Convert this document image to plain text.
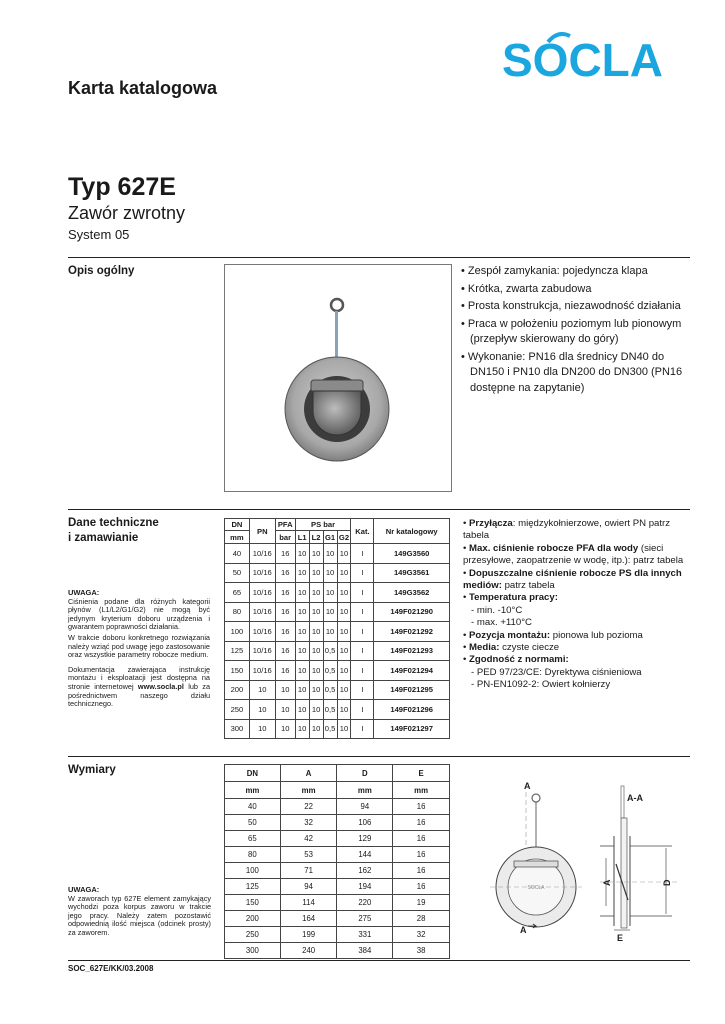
SOCLA
Karta katalogowa
Typ 627E
Zawór zwrotny
System 05
Opis ogólny	• Zespół zamykania: pojedyncza klapa
• Krótka, zwarta zabudowa
• Prosta konstrukcja, niezawodność działania
• Praca w położeniu poziomym lub pionowym (przepływ skierowany do góry)
• Wykonanie: PN16 dla średnicy DN40 do DN150 i PN10 dla DN200 do DN300 (PN16 dostępne na zapytanie)
Dane techniczne
i zamawianie
UWAGA:
Ciśnienia podane dla różnych kategorii płynów (L1/L2/G1/G2) nie mogą być jedynym kryterium doboru urządzenia i gwarantem poprawności działania.
W trakcie doboru konkretnego rozwiązania należy wziąć pod uwagę jego zastosowanie oraz wszystkie parametry robocze medium.
Dokumentacja zawierająca instrukcję montażu i eksploatacji jest dostępna na stronie internetowej www.socla.pl lub za pośrednictwem naszego działu technicznego.
DN	PN	PFA	PS bar				Kat.	Nr katalogowy
mm		bar	L1	L2	G1	G2		
40	10/16	16	10	10	10	10	I	149G3560
50	10/16	16	10	10	10	10	I	149G3561
65	10/16	16	10	10	10	10	I	149G3562
80	10/16	16	10	10	10	10	I	149F021290
100	10/16	16	10	10	10	10	I	149F021292
125	10/16	16	10	10	0,5	10	I	149F021293
150	10/16	16	10	10	0,5	10	I	149F021294
200	10	10	10	10	0,5	10	I	149F021295
250	10	10	10	10	0,5	10	I	149F021296
300	10	10	10	10	0,5	10	I	149F021297
• Przyłącza: międzykołnierzowe, owiert PN patrz tabela
• Max. ciśnienie robocze PFA dla wody (sieci przesyłowe, zaopatrzenie w wodę, itp.): patrz tabela
• Dopuszczalne ciśnienie robocze PS dla innych mediów: patrz tabela
• Temperatura pracy:
- min. -10°C
- max. +110°C
• Pozycja montażu: pionowa lub pozioma
• Media: czyste ciecze
• Zgodność z normami:
- PED 97/23/CE: Dyrektywa ciśnieniowa
- PN-EN1092-2: Owiert kołnierzy
Wymiary
UWAGA:
W zaworach typ 627E element zamykający wychodzi poza korpus zaworu w trakcie jego pracy. Należy zatem pozostawić odpowiednią ilość miejsca (odcinek prosty) za zaworem.
DN	A	D	E
mm	mm	mm	mm
40	22	94	16
50	32	106	16
65	42	129	16
80	53	144	16
100	71	162	16
125	94	194	16
150	114	220	19
200	164	275	28
250	199	331	32
300	240	384	38
SOCLA
A
A
A-A
A	D
E
SOC_627E/KK/03.2008
